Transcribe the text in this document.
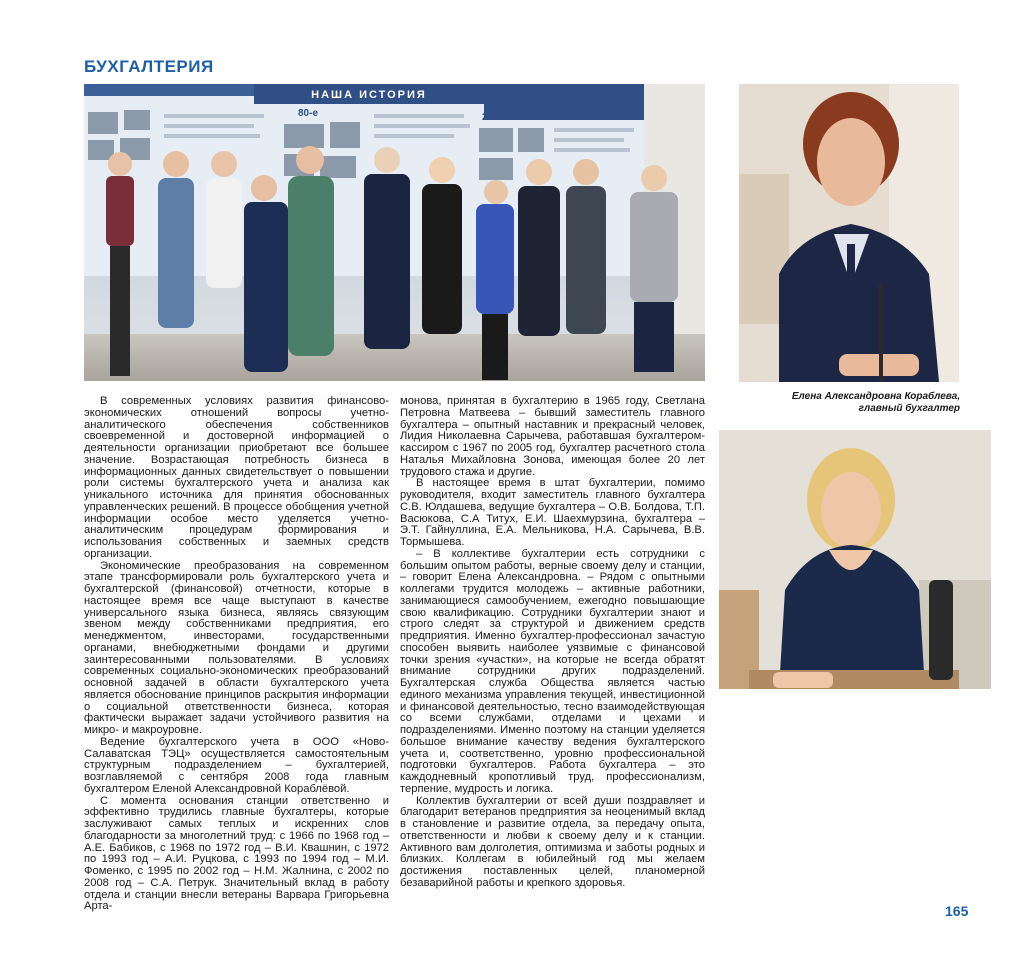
БУХГАЛТЕРИЯ
НАША ИСТОРИЯ
80-е	2000-е
Елена Александровна Кораблева,
главный бухгалтер

В современных условиях развития финансово-экономических отношений вопросы учетно-аналитического обеспечения собственников своевременной и достоверной информацией о деятельности организации приобретают все большее значение. Возрастающая потребность бизнеса в информационных данных свидетельствует о повышении роли системы бухгалтерского учета и анализа как уникального источника для принятия обоснованных управленческих решений. В процессе обобщения учетной информации особое место уделяется учетно-аналитическим процедурам формирования и использования собственных и заемных средств организации.

Экономические преобразования на современном этапе трансформировали роль бухгалтерского учета и бухгалтерской (финансовой) отчетности, которые в настоящее время все чаще выступают в качестве универсального языка бизнеса, являясь связующим звеном между собственниками предприятия, его менеджментом, инвесторами, государственными органами, внебюджетными фондами и другими заинтересованными пользователями. В условиях современных социально-экономических преобразований основной задачей в области бухгалтерского учета является обоснование принципов раскрытия информации о социальной ответственности бизнеса, которая фактически выражает задачи устойчивого развития на микро- и макроуровне.

Ведение бухгалтерского учета в ООО «Ново-Салаватская ТЭЦ» осуществляется самостоятельным структурным подразделением – бухгалтерией, возглавляемой с сентября 2008 года главным бухгалтером Еленой Александровной Кораблёвой.

С момента основания станции ответственно и эффективно трудились главные бухгалтеры, которые заслуживают самых теплых и искренних слов благодарности за многолетний труд: с 1966 по 1968 год – А.Е. Бабиков, с 1968 по 1972 год – В.И. Квашнин, с 1972 по 1993 год – А.И. Руцкова, с 1993 по 1994 год – М.И. Фоменко, с 1995 по 2002 год – Н.М. Жалнина, с 2002 по 2008 год – С.А. Петрук. Значительный вклад в работу отдела и станции внесли ветераны Варвара Григорьевна Арта-

монова, принятая в бухгалтерию в 1965 году, Светлана Петровна Матвеева – бывший заместитель главного бухгалтера – опытный наставник и прекрасный человек, Лидия Николаевна Сарычева, работавшая бухгалтером-кассиром с 1967 по 2005 год, бухгалтер расчетного стола Наталья Михайловна Зонова, имеющая более 20 лет трудового стажа и другие.

В настоящее время в штат бухгалтерии, помимо руководителя, входит заместитель главного бухгалтера С.В. Юлдашева, ведущие бухгалтера – О.В. Болдова, Т.П. Васюкова, С.А Титух, Е.И. Шаехмурзина, бухгалтера – Э.Т. Гайнуллина, Е.А. Мельникова, Н.А. Сарычева, В.В. Тормышева.

– В коллективе бухгалтерии есть сотрудники с большим опытом работы, верные своему делу и станции, – говорит Елена Александровна. – Рядом с опытными коллегами трудится молодежь – активные работники, занимающиеся самообучением, ежегодно повышающие свою квалификацию. Сотрудники бухгалтерии знают и строго следят за структурой и движением средств предприятия. Именно бухгалтер-профессионал зачастую способен выявить наиболее уязвимые с финансовой точки зрения «участки», на которые не всегда обратят внимание сотрудники других подразделений. Бухгалтерская служба Общества является частью единого механизма управления текущей, инвестиционной и финансовой деятельностью, тесно взаимодействующая со всеми службами, отделами и цехами и подразделениями. Именно поэтому на станции уделяется большое внимание качеству ведения бухгалтерского учета и, соответственно, уровню профессиональной подготовки бухгалтеров. Работа бухгалтера – это каждодневный кропотливый труд, профессионализм, терпение, мудрость и логика.

Коллектив бухгалтерии от всей души поздравляет и благодарит ветеранов предприятия за неоценимый вклад в становление и развитие отдела, за передачу опыта, ответственности и любви к своему делу и к станции. Активного вам долголетия, оптимизма и заботы родных и близких. Коллегам в юбилейный год мы желаем достижения поставленных целей, планомерной безаварийной работы и крепкого здоровья.

165
